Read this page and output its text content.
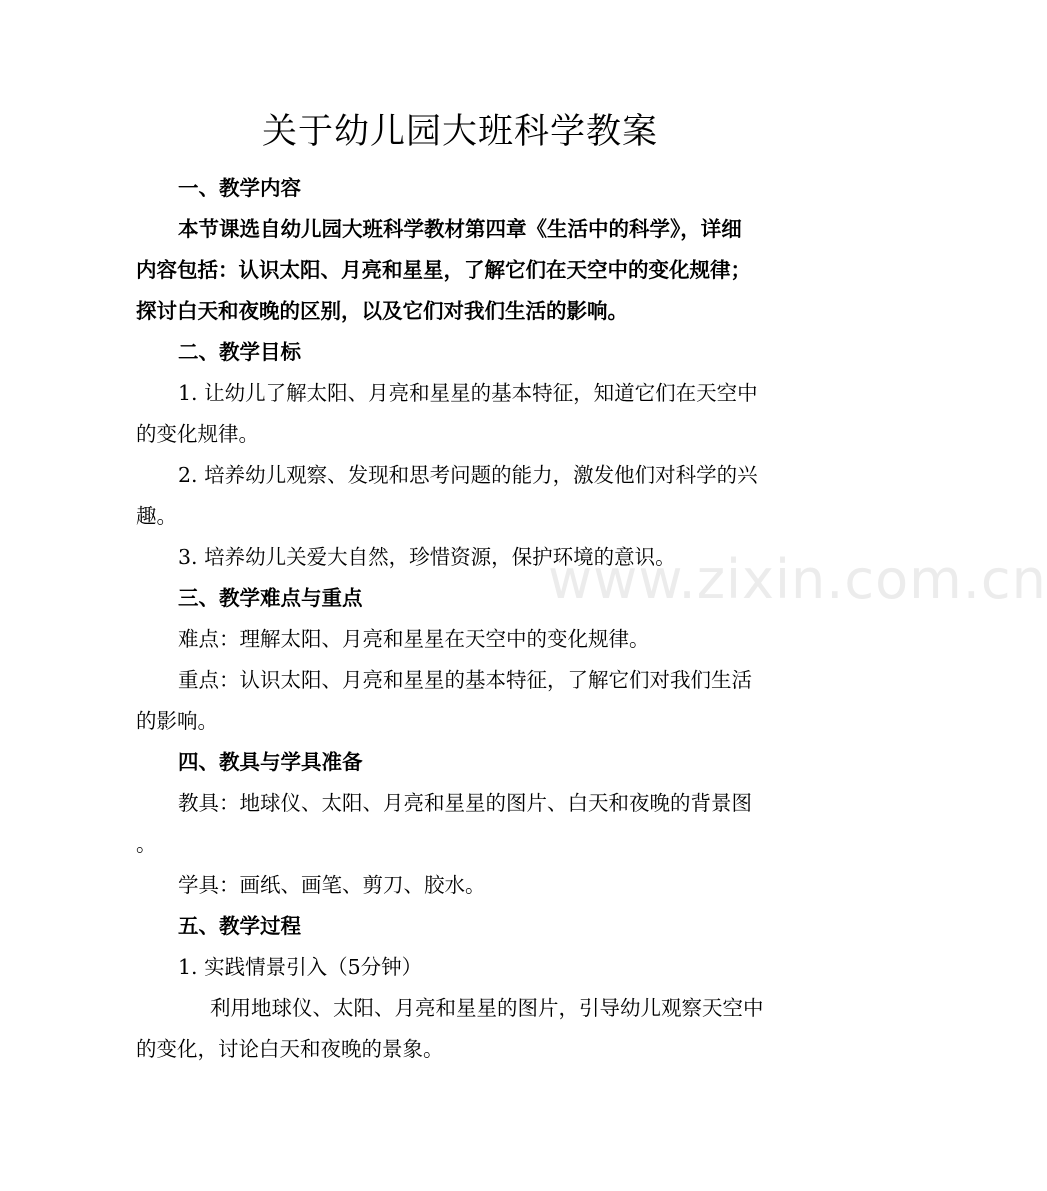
关于幼儿园大班科学教案
www.zixin.com.cn
一、教学内容
本节课选自幼儿园大班科学教材第四章《生活中的科学》，详细
内容包括：认识太阳、月亮和星星，了解它们在天空中的变化规律；
探讨白天和夜晚的区别，以及它们对我们生活的影响。
二、教学目标
1. 让幼儿了解太阳、月亮和星星的基本特征，知道它们在天空中
的变化规律。
2. 培养幼儿观察、发现和思考问题的能力，激发他们对科学的兴
趣。
3. 培养幼儿关爱大自然，珍惜资源，保护环境的意识。
三、教学难点与重点
难点：理解太阳、月亮和星星在天空中的变化规律。
重点：认识太阳、月亮和星星的基本特征，了解它们对我们生活
的影响。
四、教具与学具准备
教具：地球仪、太阳、月亮和星星的图片、白天和夜晚的背景图
。
学具：画纸、画笔、剪刀、胶水。
五、教学过程
1. 实践情景引入（5分钟）
利用地球仪、太阳、月亮和星星的图片，引导幼儿观察天空中
的变化，讨论白天和夜晚的景象。
